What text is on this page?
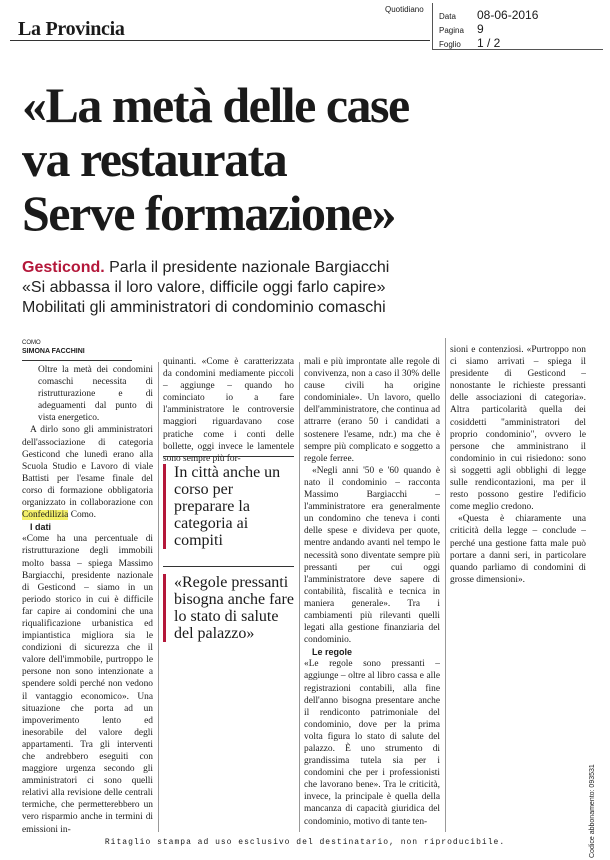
La Provincia
Quotidiano
Data 08-06-2016
Pagina 9
Foglio 1 / 2
«La metà delle case
va restaurata
Serve formazione»
Gesticond. Parla il presidente nazionale Bargiacchi
«Si abbassa il loro valore, difficile oggi farlo capire»
Mobilitati gli amministratori di condominio comaschi
COMO
SIMONA FACCHINI

Oltre la metà dei condomini comaschi necessita di ristrutturazione e di adeguamenti dal punto di vista energetico.

A dirlo sono gli amministratori dell'associazione di categoria Gesticond che lunedì erano alla Scuola Studio e Lavoro di viale Battisti per l'esame finale del corso di formazione obbligatoria organizzato in collaborazione con Confedilizia Como.

I dati

«Come ha una percentuale di ristrutturazione degli immobili molto bassa – spiega Massimo Bargiacchi, presidente nazionale di Gesticond – siamo in un periodo storico in cui è difficile far capire ai condomini che una riqualificazione urbanistica ed impiantistica migliora sia le condizioni di sicurezza che il valore dell'immobile, purtroppo le persone non sono intenzionate a spendere soldi perché non vedono il vantaggio economico». Una situazione che porta ad un impoverimento lento ed inesorabile del valore degli appartamenti. Tra gli interventi che andrebbero eseguiti con maggiore urgenza secondo gli amministratori ci sono quelli relativi alla revisione delle centrali termiche, che permetterebbero un vero risparmio anche in termini di emissioni in-

quinanti. «Come è caratterizzata da condomini mediamente piccoli – aggiunge – quando ho cominciato io a fare l'amministratore le controversie maggiori riguardavano cose pratiche come i conti delle bollette, oggi invece le lamentele sono sempre più for-

In città anche un corso per preparare la categoria ai compiti
«Regole pressanti bisogna anche fare lo stato di salute del palazzo»

mali e più improntate alle regole di convivenza, non a caso il 30% delle cause civili ha origine condominiale». Un lavoro, quello dell'amministratore, che continua ad attrarre (erano 50 i candidati a sostenere l'esame, ndr.) ma che è sempre più complicato e soggetto a regole ferree.

«Negli anni '50 e '60 quando è nato il condominio – racconta Massimo Bargiacchi – l'amministratore era generalmente un condomino che teneva i conti delle spese e divideva per quote, mentre andando avanti nel tempo le necessità sono diventate sempre più pressanti per cui oggi l'amministratore deve sapere di contabilità, fiscalità e tecnica in maniera generale». Tra i cambiamenti più rilevanti quelli legati alla gestione finanziaria del condominio.

Le regole

«Le regole sono pressanti – aggiunge – oltre al libro cassa e alle registrazioni contabili, alla fine dell'anno bisogna presentare anche il rendiconto patrimoniale del condominio, dove per la prima volta figura lo stato di salute del palazzo. È uno strumento di grandissima tutela sia per i condomini che per i professionisti che lavorano bene». Tra le criticità, invece, la principale è quella della mancanza di capacità giuridica del condominio, motivo di tante ten-

sioni e contenziosi. «Purtroppo non ci siamo arrivati – spiega il presidente di Gesticond – nonostante le richieste pressanti delle associazioni di categoria». Altra particolarità quella dei cosiddetti "amministratori del proprio condominio", ovvero le persone che amministrano il condominio in cui risiedono: sono sì soggetti agli obblighi di legge sulle rendicontazioni, ma per il resto possono gestire l'edificio come meglio credono.

«Questa è chiaramente una criticità della legge – conclude – perché una gestione fatta male può portare a danni seri, in particolare quando parliamo di condomini di grosse dimensioni».

Codice abbonamento: 093531
Ritaglio stampa ad uso esclusivo del destinatario, non riproducibile.
